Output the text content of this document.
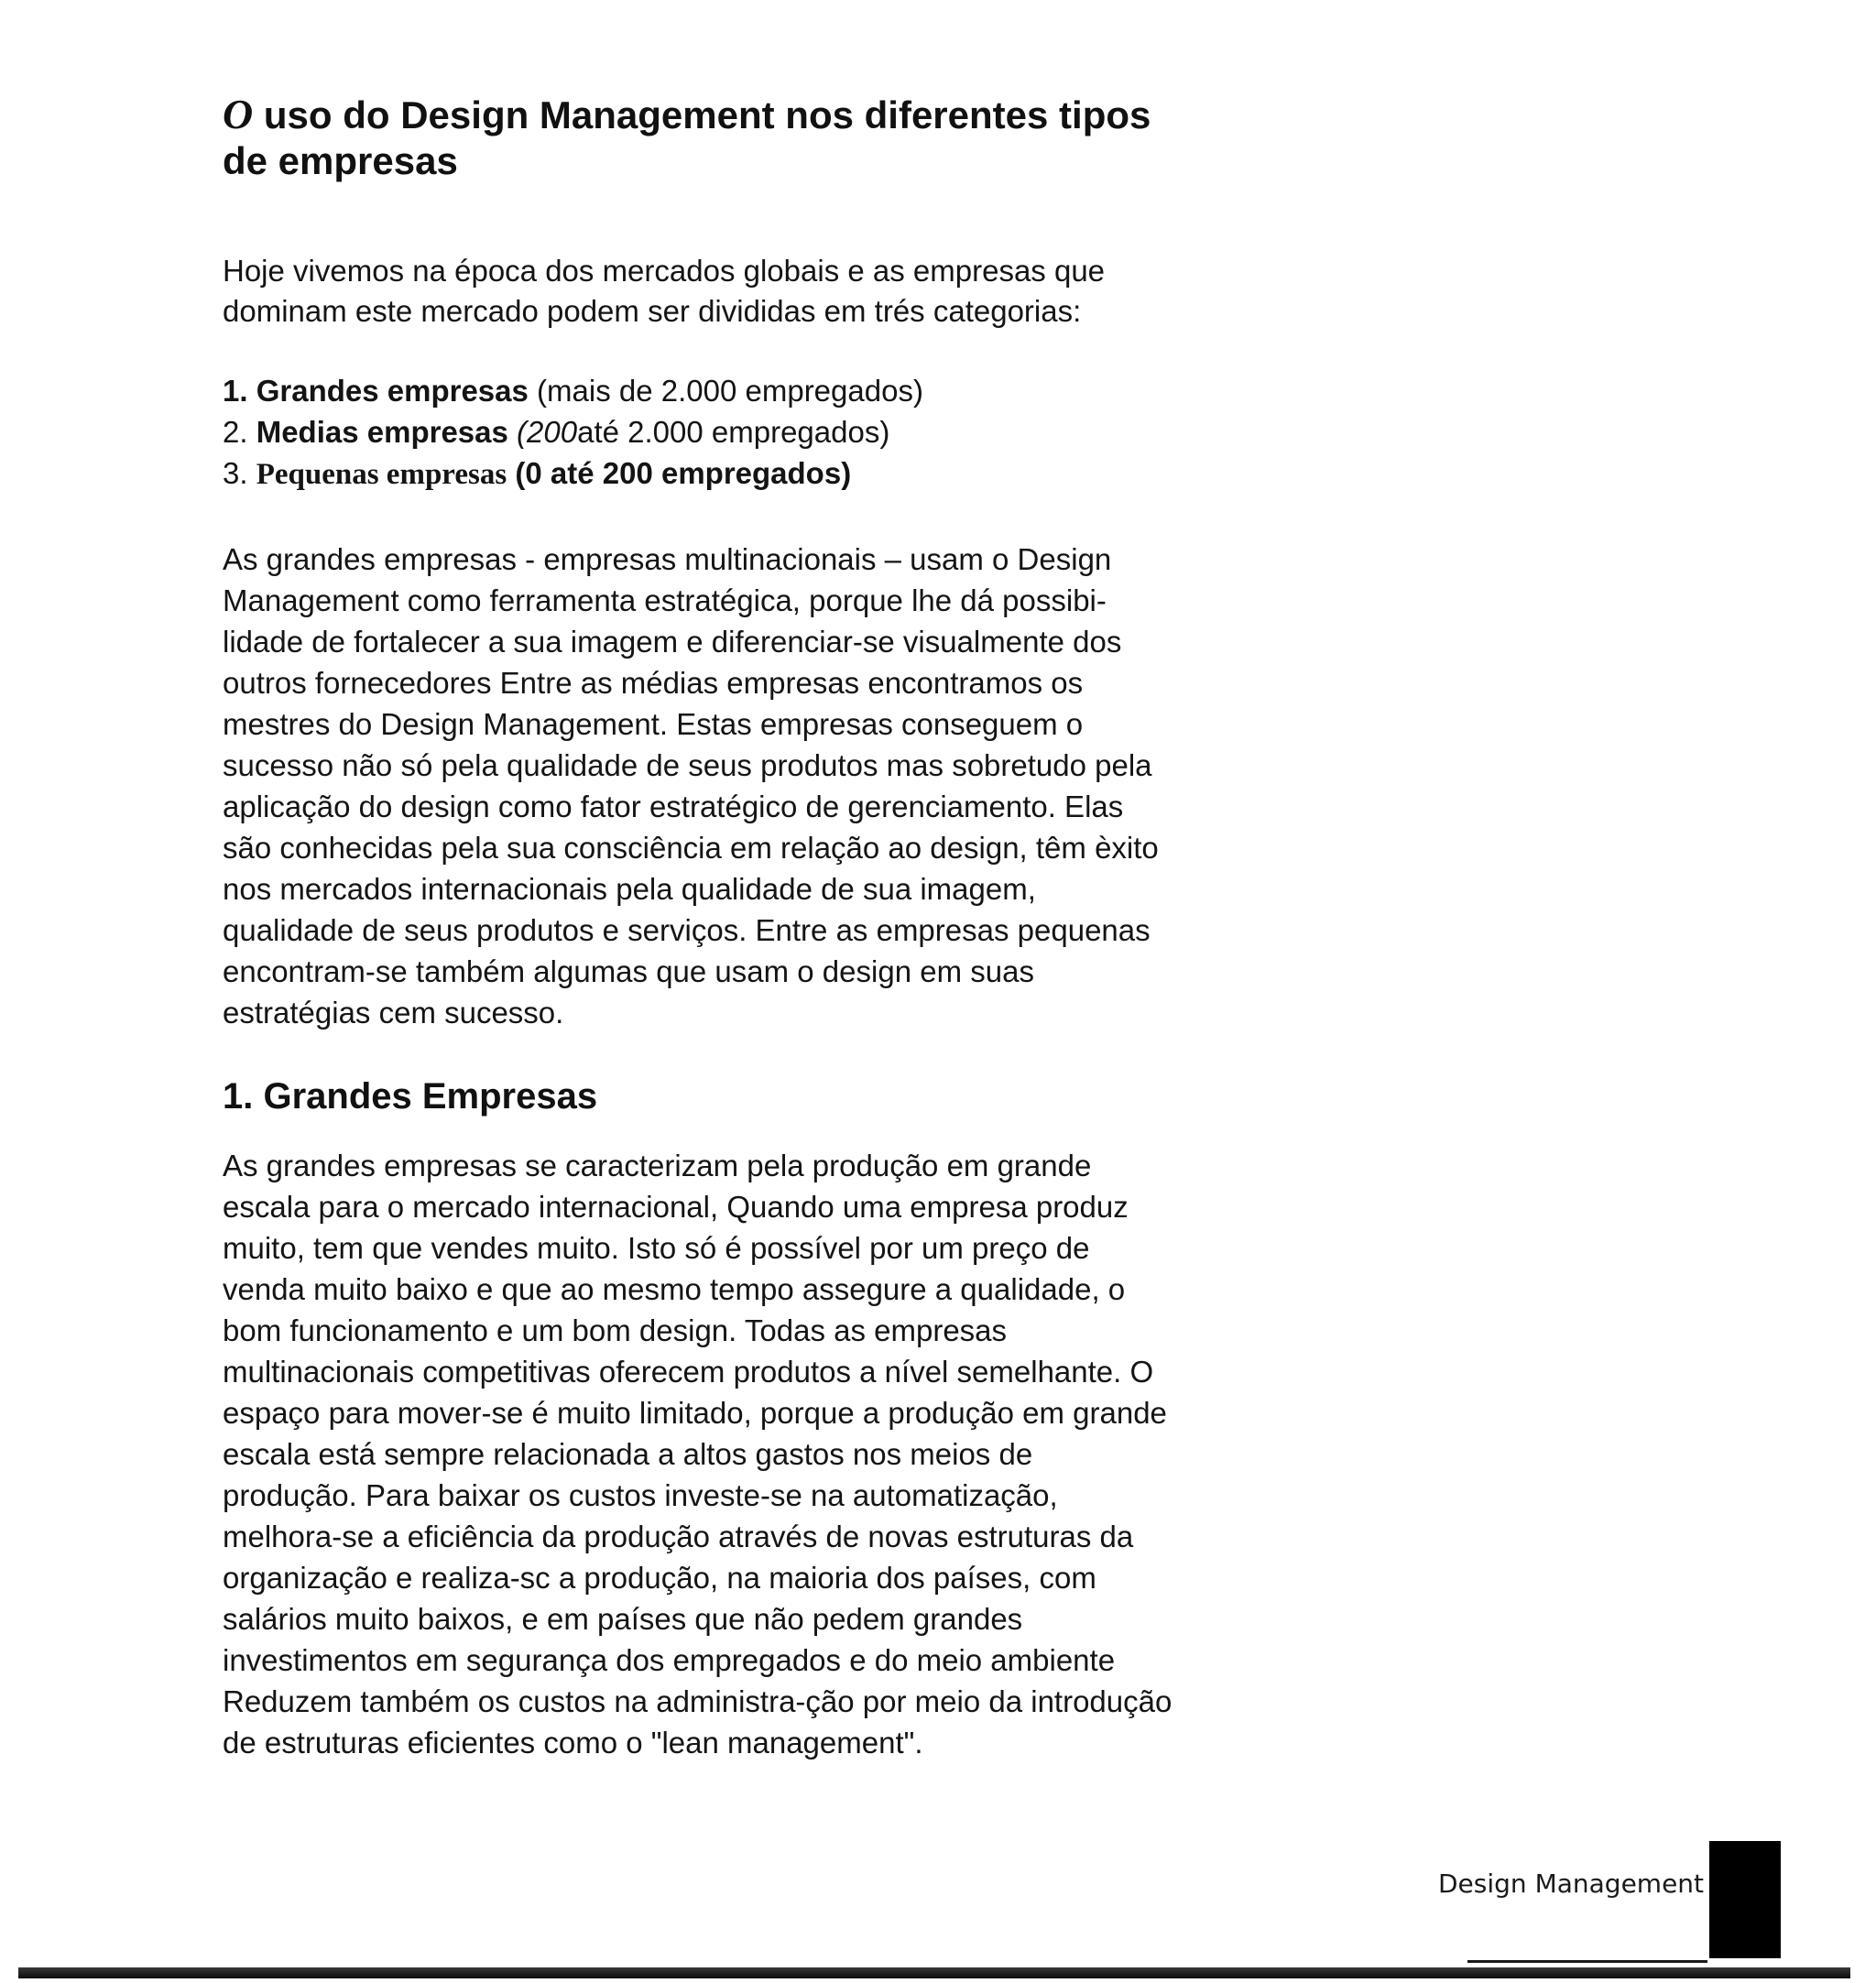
O uso do Design Management nos diferentes tipos
de empresas

Hoje vivemos na época dos mercados globais e as empresas que dominam este mercado podem ser divididas em trés categorias:

1. Grandes empresas (mais de 2.000 empregados)
2. Medias empresas (200até 2.000 empregados)
3. Pequenas empresas (0 até 200 empregados)

As grandes empresas - empresas multinacionais – usam o Design Management como ferramenta estratégica, porque lhe dá possibi-lidade de fortalecer a sua imagem e diferenciar-se visualmente dos outros fornecedores Entre as médias empresas encontramos os mestres do Design Management. Estas empresas conseguem o sucesso não só pela qualidade de seus produtos mas sobretudo pela aplicação do design como fator estratégico de gerenciamento. Elas são conhecidas pela sua consciência em relação ao design, têm èxito nos mercados internacionais pela qualidade de sua imagem, qualidade de seus produtos e serviços. Entre as empresas pequenas encontram-se também algumas que usam o design em suas estratégias cem sucesso.

1. Grandes Empresas

As grandes empresas se caracterizam pela produção em grande escala para o mercado internacional, Quando uma empresa produz muito, tem que vendes muito. Isto só é possível por um preço de venda muito baixo e que ao mesmo tempo assegure a qualidade, o bom funcionamento e um bom design. Todas as empresas multinacionais competitivas oferecem produtos a nível semelhante. O espaço para mover-se é muito limitado, porque a produção em grande escala está sempre relacionada a altos gastos nos meios de produção. Para baixar os custos investe-se na automatização, melhora-se a eficiência da produção através de novas estruturas da organização e realiza-sc a produção, na maioria dos países, com salários muito baixos, e em países que não pedem grandes investimentos em segurança dos empregados e do meio ambiente Reduzem também os custos na administra-ção por meio da introdução de estruturas eficientes como o "lean management".

Design Management
